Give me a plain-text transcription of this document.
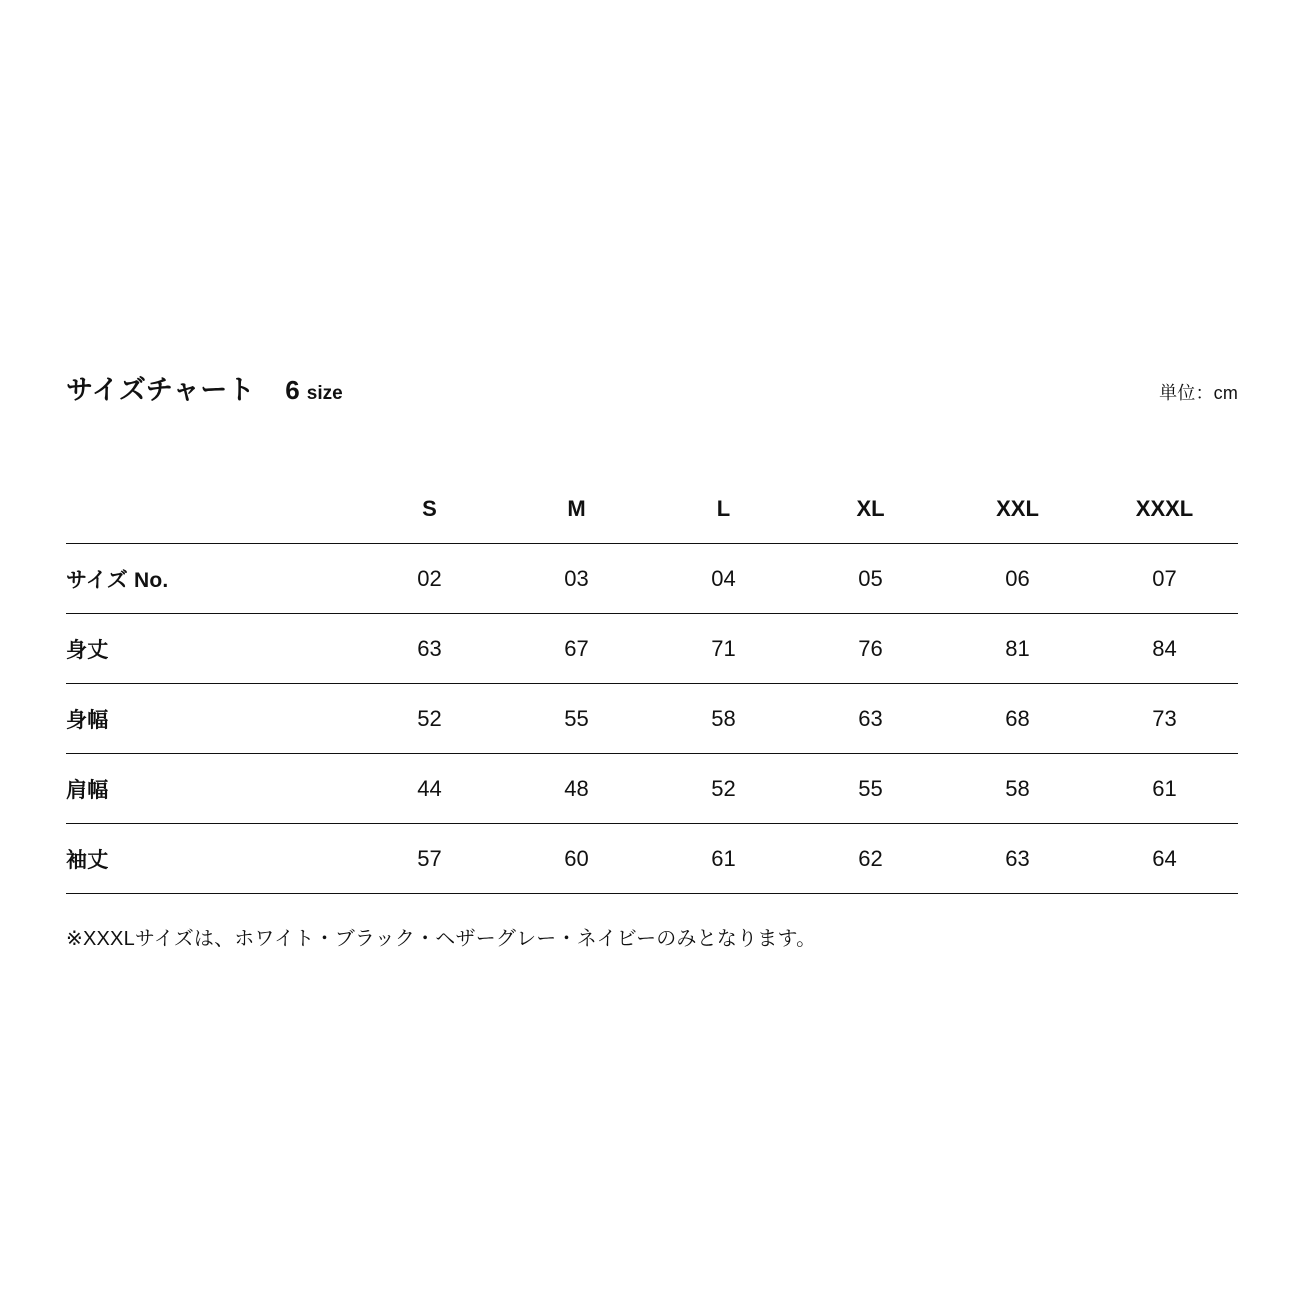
サイズチャート 6 size	単位：cm
	S	M	L	XL	XXL	XXXL
サイズ No.	02	03	04	05	06	07
身丈	63	67	71	76	81	84
身幅	52	55	58	63	68	73
肩幅	44	48	52	55	58	61
袖丈	57	60	61	62	63	64
※XXXLサイズは、ホワイト・ブラック・ヘザーグレー・ネイビーのみとなります。
